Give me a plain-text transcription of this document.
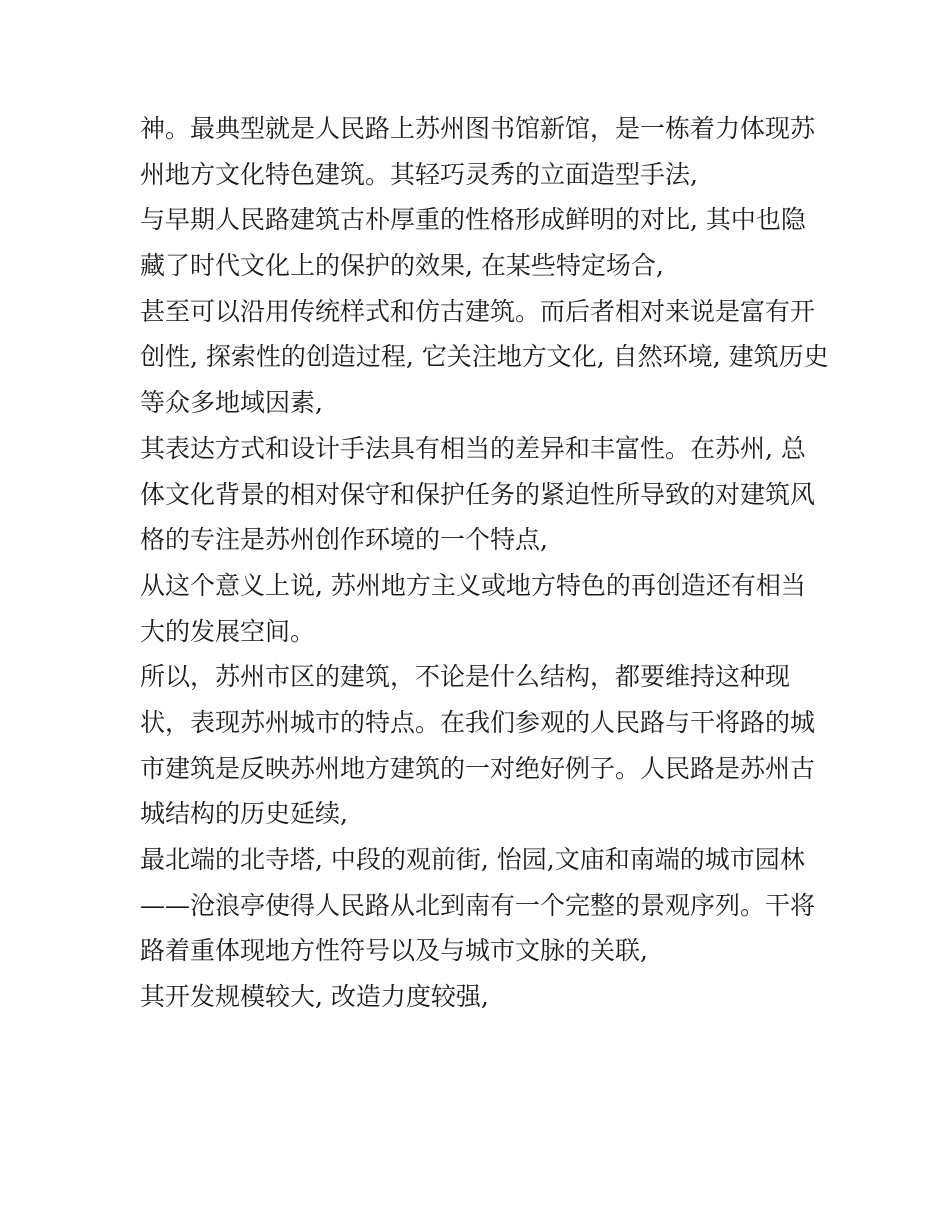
神。最典型就是人民路上苏州图书馆新馆，是一栋着力体现苏
州地方文化特色建筑。其轻巧灵秀的立面造型手法,
与早期人民路建筑古朴厚重的性格形成鲜明的对比, 其中也隐
藏了时代文化上的保护的效果, 在某些特定场合,
甚至可以沿用传统样式和仿古建筑。而后者相对来说是富有开
创性, 探索性的创造过程, 它关注地方文化, 自然环境, 建筑历史
等众多地域因素,
其表达方式和设计手法具有相当的差异和丰富性。在苏州, 总
体文化背景的相对保守和保护任务的紧迫性所导致的对建筑风
格的专注是苏州创作环境的一个特点,
从这个意义上说, 苏州地方主义或地方特色的再创造还有相当
大的发展空间。
所以，苏州市区的建筑，不论是什么结构，都要维持这种现
状，表现苏州城市的特点。在我们参观的人民路与干将路的城
市建筑是反映苏州地方建筑的一对绝好例子。人民路是苏州古
城结构的历史延续,
最北端的北寺塔, 中段的观前街, 怡园,文庙和南端的城市园林
——沧浪亭使得人民路从北到南有一个完整的景观序列。干将
路着重体现地方性符号以及与城市文脉的关联,
其开发规模较大, 改造力度较强,
